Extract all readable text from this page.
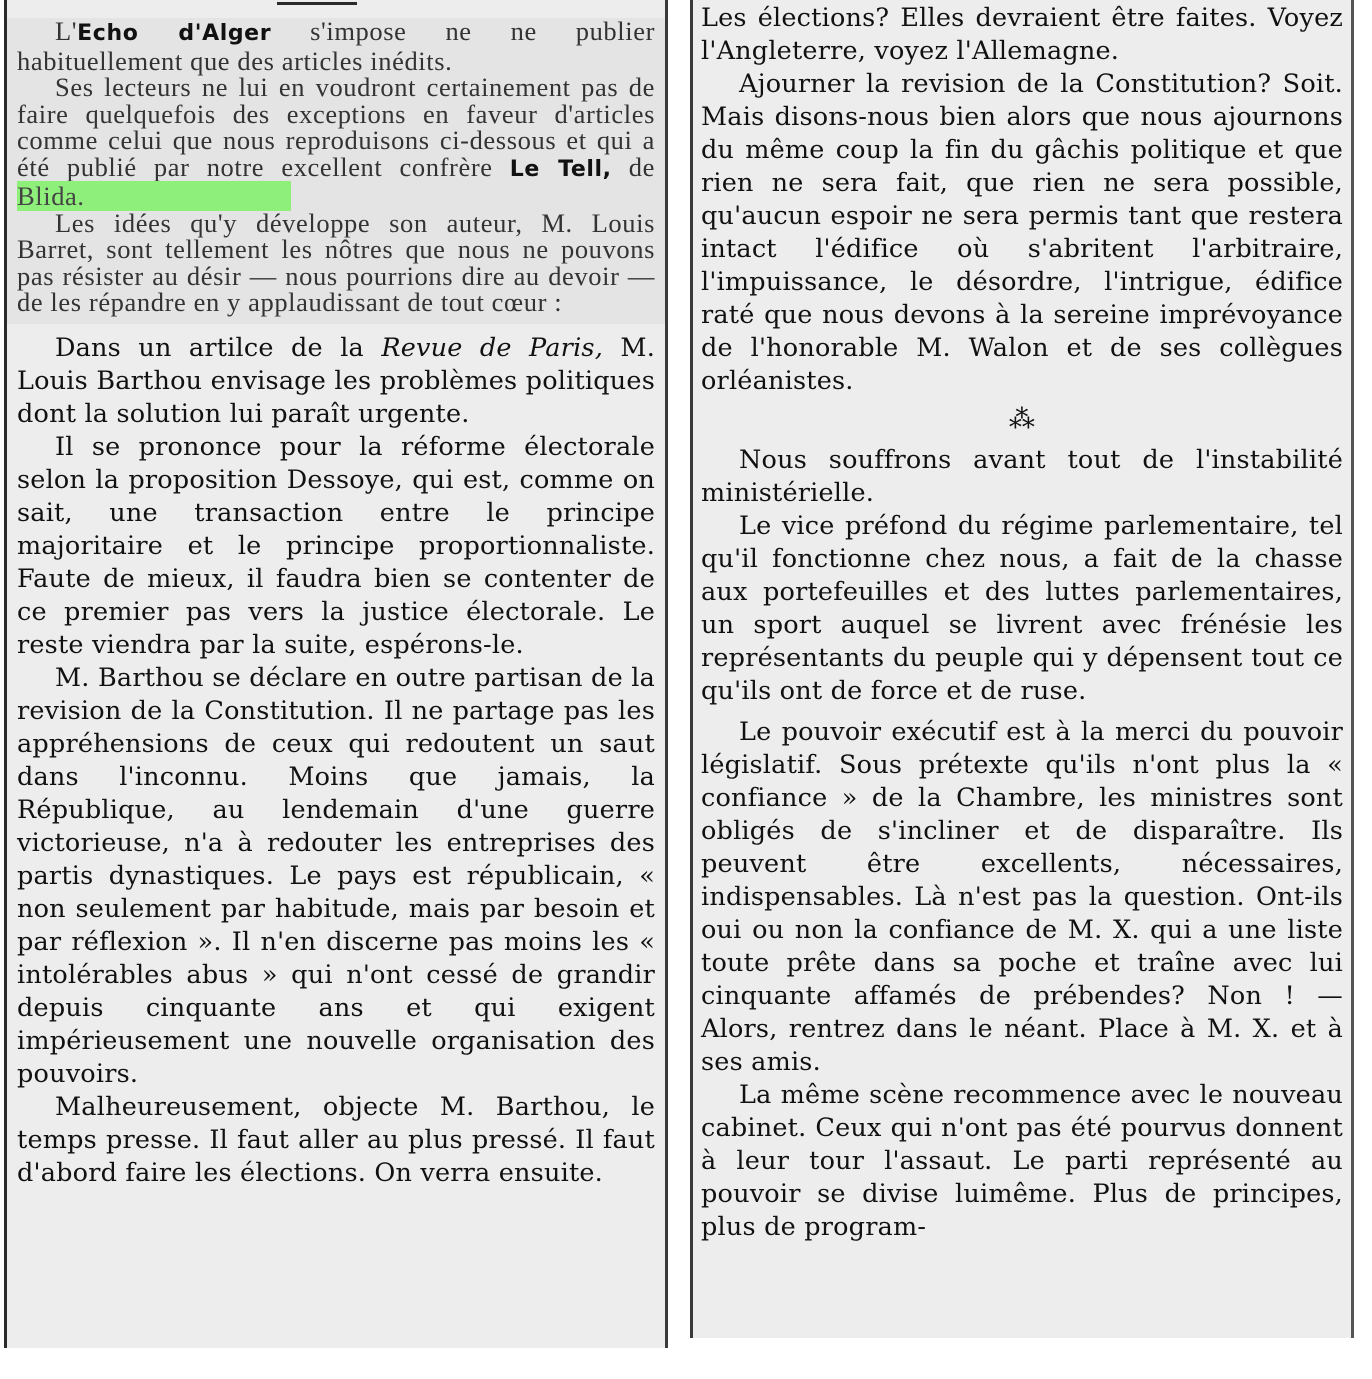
L'Echo d'Alger s'impose ne ne publier habituellement que des articles inédits.

Ses lecteurs ne lui en voudront certainement pas de faire quelquefois des exceptions en faveur d'articles comme celui que nous reproduisons ci-dessous et qui a été publié par notre excellent confrère Le Tell, de Blida.

Les idées qu'y développe son auteur, M. Louis Barret, sont tellement les nôtres que nous ne pouvons pas résister au désir — nous pourrions dire au devoir — de les répandre en y applaudissant de tout cœur :

Dans un artilce de la Revue de Paris, M. Louis Barthou envisage les problèmes politiques dont la solution lui paraît urgente.

Il se prononce pour la réforme électorale selon la proposition Dessoye, qui est, comme on sait, une transaction entre le principe majoritaire et le principe proportionnaliste. Faute de mieux, il faudra bien se contenter de ce premier pas vers la justice électorale. Le reste viendra par la suite, espérons-le.

M. Barthou se déclare en outre partisan de la revision de la Constitution. Il ne partage pas les appréhensions de ceux qui redoutent un saut dans l'inconnu. Moins que jamais, la République, au lendemain d'une guerre victorieuse, n'a à redouter les entreprises des partis dynastiques. Le pays est républicain, « non seulement par habitude, mais par besoin et par réflexion ». Il n'en discerne pas moins les « intolérables abus » qui n'ont cessé de grandir depuis cinquante ans et qui exigent impérieusement une nouvelle organisation des pouvoirs.

Malheureusement, objecte M. Barthou, le temps presse. Il faut aller au plus pressé. Il faut d'abord faire les élections. On verra ensuite.

Les élections? Elles devraient être faites. Voyez l'Angleterre, voyez l'Allemagne.

Ajourner la revision de la Constitution? Soit. Mais disons-nous bien alors que nous ajournons du même coup la fin du gâchis politique et que rien ne sera fait, que rien ne sera possible, qu'aucun espoir ne sera permis tant que restera intact l'édifice où s'abritent l'arbitraire, l'impuissance, le désordre, l'intrigue, édifice raté que nous devons à la sereine imprévoyance de l'honorable M. Walon et de ses collègues orléanistes.

⁂

Nous souffrons avant tout de l'instabilité ministérielle.

Le vice préfond du régime parlementaire, tel qu'il fonctionne chez nous, a fait de la chasse aux portefeuilles et des luttes parlementaires, un sport auquel se livrent avec frénésie les représentants du peuple qui y dépensent tout ce qu'ils ont de force et de ruse.

Le pouvoir exécutif est à la merci du pouvoir législatif. Sous prétexte qu'ils n'ont plus la « confiance » de la Chambre, les ministres sont obligés de s'incliner et de disparaître. Ils peuvent être excellents, nécessaires, indispensables. Là n'est pas la question. Ont-ils oui ou non la confiance de M. X. qui a une liste toute prête dans sa poche et traîne avec lui cinquante affamés de prébendes? Non ! — Alors, rentrez dans le néant. Place à M. X. et à ses amis.

La même scène recommence avec le nouveau cabinet. Ceux qui n'ont pas été pourvus donnent à leur tour l'assaut. Le parti représenté au pouvoir se divise luimême. Plus de principes, plus de program-
